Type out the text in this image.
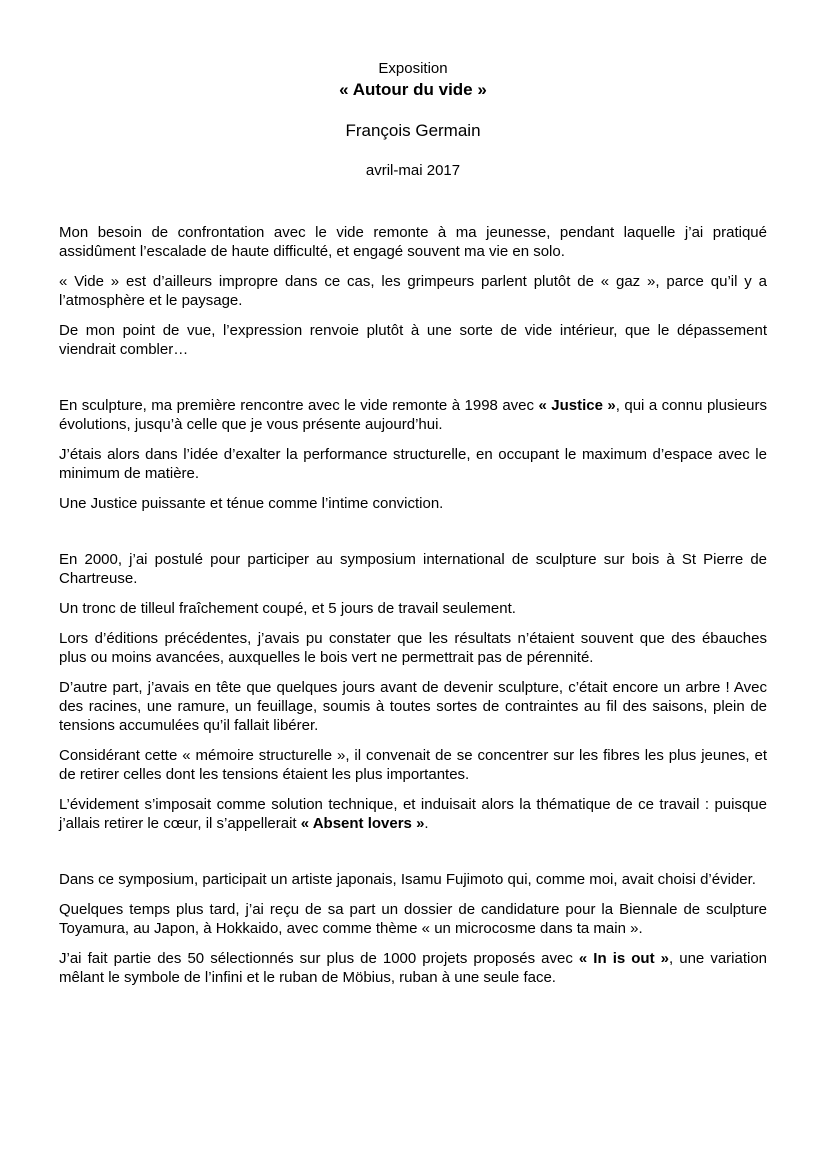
Exposition
« Autour du vide »
François Germain
avril-mai 2017

Mon besoin de confrontation avec le vide remonte à ma jeunesse, pendant laquelle j’ai pratiqué assidûment l’escalade de haute difficulté, et engagé souvent ma vie en solo.

« Vide » est d’ailleurs impropre dans ce cas, les grimpeurs parlent plutôt de « gaz », parce qu’il y a l’atmosphère et le paysage.

De mon point de vue, l’expression renvoie plutôt à une sorte de vide intérieur, que le dépassement viendrait combler…

En sculpture, ma première rencontre avec le vide remonte à 1998 avec « Justice », qui a connu plusieurs évolutions, jusqu’à celle que je vous présente aujourd’hui.

J’étais alors dans l’idée d’exalter la performance structurelle, en occupant le maximum d’espace avec le minimum de matière.

Une Justice puissante et ténue comme l’intime conviction.

En 2000, j’ai postulé pour participer au symposium international de sculpture sur bois à St Pierre de Chartreuse.

Un tronc de tilleul fraîchement coupé, et 5 jours de travail seulement.

Lors d’éditions précédentes, j’avais pu constater que les résultats n’étaient souvent que des ébauches plus ou moins avancées, auxquelles le bois vert ne permettrait pas de pérennité.

D’autre part, j’avais en tête que quelques jours avant de devenir sculpture, c’était encore un arbre ! Avec des racines, une ramure, un feuillage, soumis à toutes sortes de contraintes au fil des saisons, plein de tensions accumulées qu’il fallait libérer.

Considérant cette « mémoire structurelle », il convenait de se concentrer sur les fibres les plus jeunes, et de retirer celles dont les tensions étaient les plus importantes.

L’évidement s’imposait comme solution technique, et induisait alors la thématique de ce travail : puisque j’allais retirer le cœur, il s’appellerait « Absent lovers ».

Dans ce symposium, participait un artiste japonais, Isamu Fujimoto qui, comme moi, avait choisi d’évider.

Quelques temps plus tard, j’ai reçu de sa part un dossier de candidature pour la Biennale de sculpture Toyamura, au Japon, à Hokkaido, avec comme thème « un microcosme dans ta main ».

J’ai fait partie des 50 sélectionnés sur plus de 1000 projets proposés avec « In is out », une variation mêlant le symbole de l’infini et le ruban de Möbius, ruban à une seule face.
